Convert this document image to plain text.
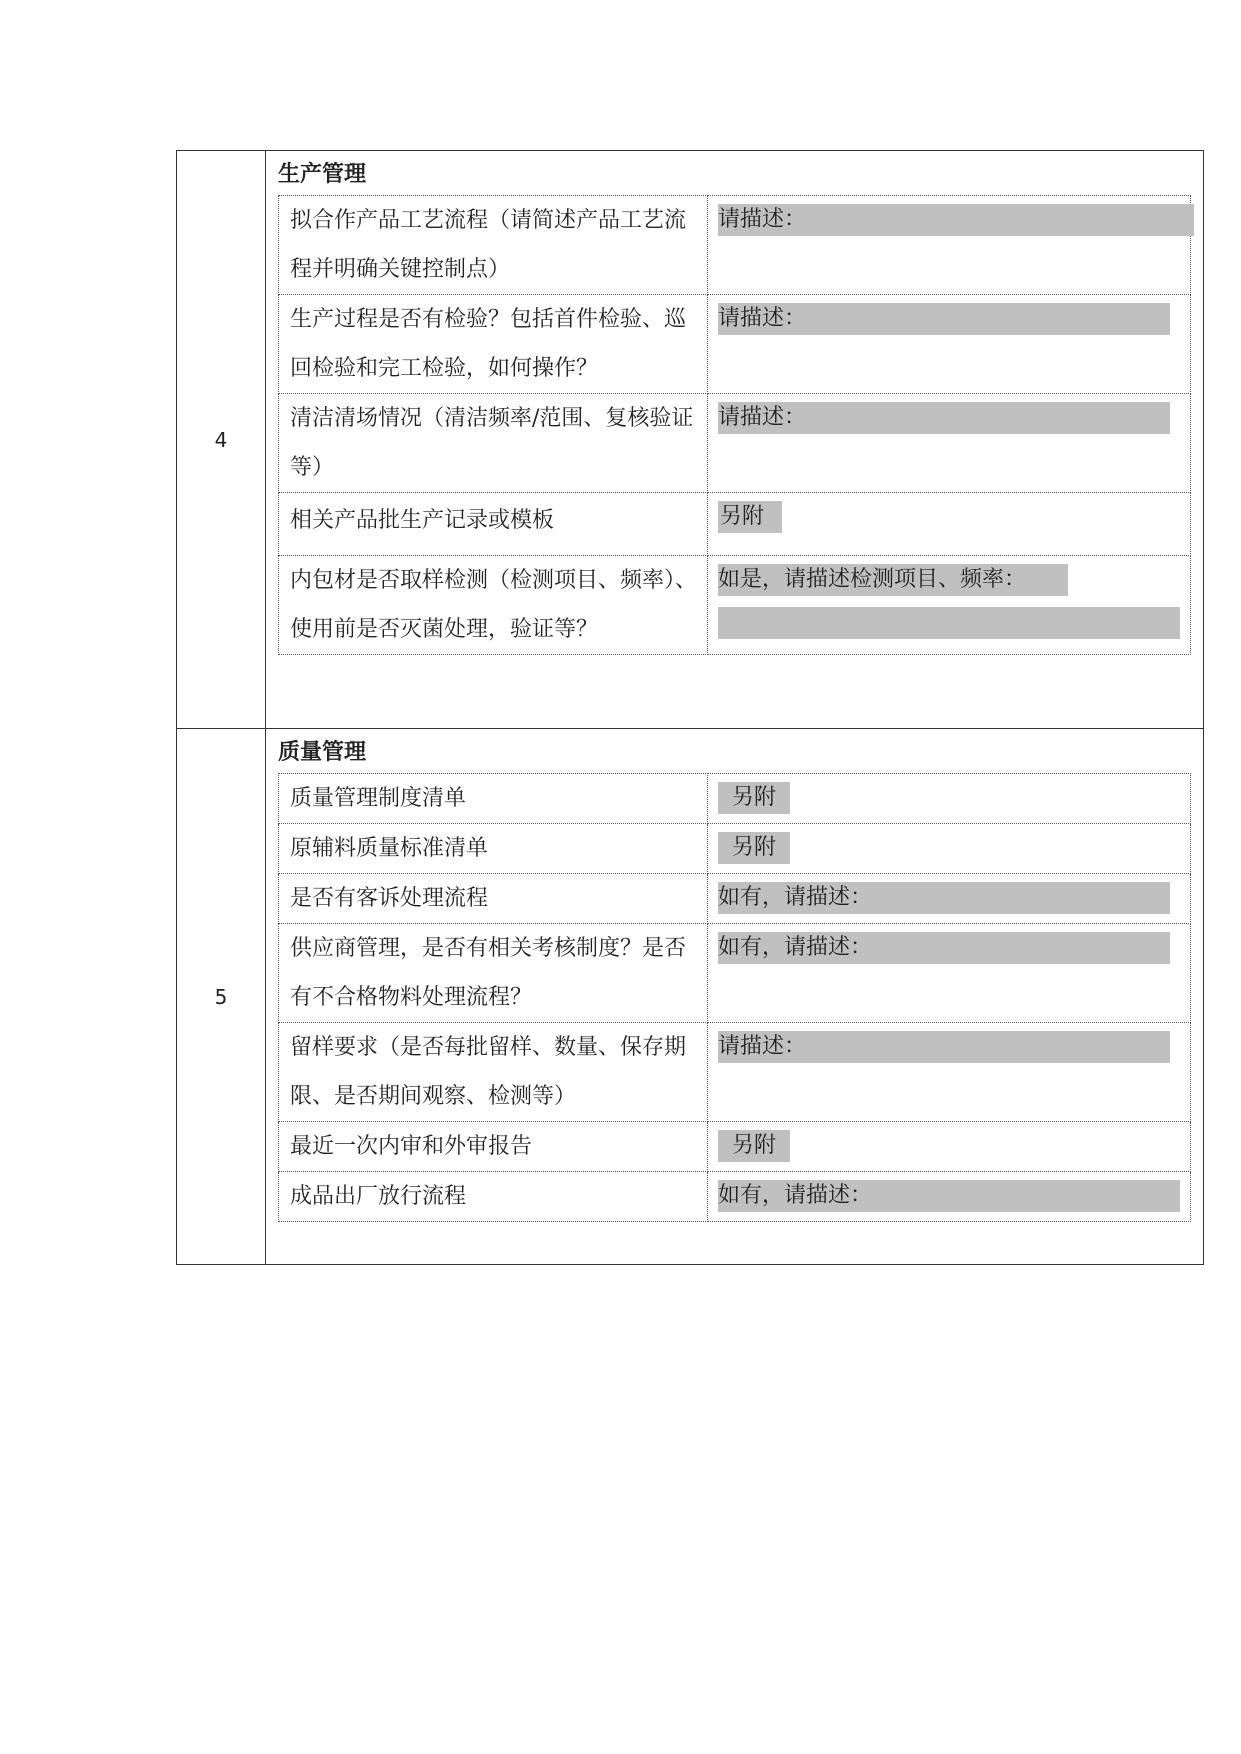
4	
生产管理
拟合作产品工艺流程（请简述产品工艺流程并明确关键控制点）	请描述：
生产过程是否有检验？包括首件检验、巡回检验和完工检验，如何操作？	请描述：
清洁清场情况（清洁频率/范围、复核验证等）	请描述：
相关产品批生产记录或模板	另附
内包材是否取样检测（检测项目、频率）、使用前是否灭菌处理，验证等？	如是，请描述检测项目、频率：

5	
质量管理
质量管理制度清单	另附
原辅料质量标准清单	另附
是否有客诉处理流程	如有，请描述：
供应商管理，是否有相关考核制度？是否有不合格物料处理流程？	如有，请描述：
留样要求（是否每批留样、数量、保存期限、是否期间观察、检测等）	请描述：
最近一次内审和外审报告	另附
成品出厂放行流程	如有，请描述：
